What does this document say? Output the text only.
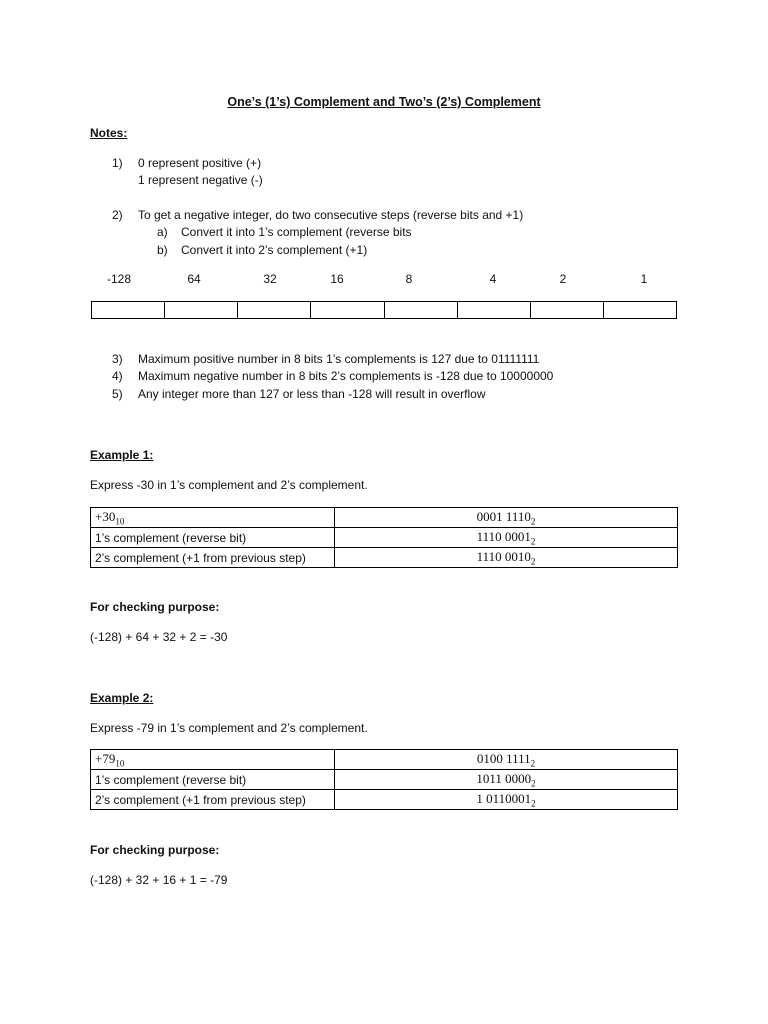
One’s (1’s) Complement and Two’s (2’s) Complement
Notes:
1) 0 represent positive (+)
1 represent negative (-)
2) To get a negative integer, do two consecutive steps (reverse bits and +1)
a) Convert it into 1’s complement (reverse bits
b) Convert it into 2’s complement (+1)
-128	64	32	16	8	4	2	1

3) Maximum positive number in 8 bits 1’s complements is 127 due to 01111111
4) Maximum negative number in 8 bits 2’s complements is -128 due to 10000000
5) Any integer more than 127 or less than -128 will result in overflow
Example 1:
Express -30 in 1’s complement and 2’s complement.
$+30_{10}$	0001 $1110_2$
1’s complement (reverse bit)	1110 $0001_2$
2’s complement (+1 from previous step)	1110 $0010_2$
For checking purpose:
(-128) + 64 + 32 + 2 = -30
Example 2:
Express -79 in 1’s complement and 2’s complement.
$+79_{10}$	0100 $1111_2$
1’s complement (reverse bit)	1011 $0000_2$
2’s complement (+1 from previous step)	1 $0110001_2$
For checking purpose:
(-128) + 32 + 16 + 1 = -79
